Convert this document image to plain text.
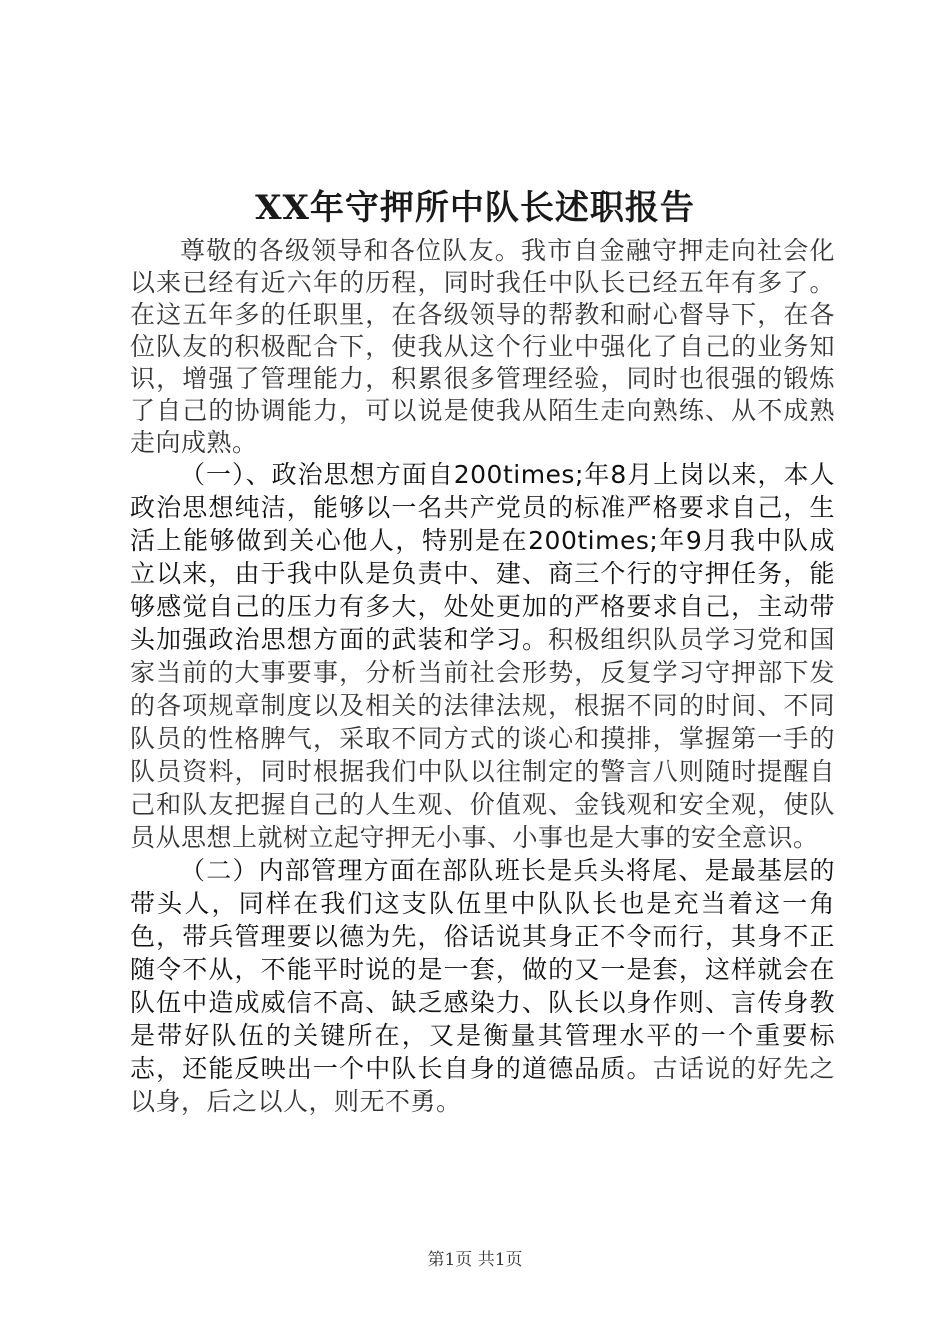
XX年守押所中队长述职报告

尊敬的各级领导和各位队友。我市自金融守押走向社会化以来已经有近六年的历程，同时我任中队长已经五年有多了。在这五年多的任职里，在各级领导的帮教和耐心督导下，在各位队友的积极配合下，使我从这个行业中强化了自己的业务知识，增强了管理能力，积累很多管理经验，同时也很强的锻炼了自己的协调能力，可以说是使我从陌生走向熟练、从不成熟走向成熟。

（一）、政治思想方面自200times;年8月上岗以来，本人政治思想纯洁，能够以一名共产党员的标准严格要求自己，生活上能够做到关心他人，特别是在200times;年9月我中队成立以来，由于我中队是负责中、建、商三个行的守押任务，能够感觉自己的压力有多大，处处更加的严格要求自己，主动带头加强政治思想方面的武装和学习。积极组织队员学习党和国家当前的大事要事，分析当前社会形势，反复学习守押部下发的各项规章制度以及相关的法律法规，根据不同的时间、不同队员的性格脾气，采取不同方式的谈心和摸排，掌握第一手的队员资料，同时根据我们中队以往制定的警言八则随时提醒自己和队友把握自己的人生观、价值观、金钱观和安全观，使队员从思想上就树立起守押无小事、小事也是大事的安全意识。

（二）内部管理方面在部队班长是兵头将尾、是最基层的带头人，同样在我们这支队伍里中队队长也是充当着这一角色，带兵管理要以德为先，俗话说其身正不令而行，其身不正随令不从，不能平时说的是一套，做的又一是套，这样就会在队伍中造成威信不高、缺乏感染力、队长以身作则、言传身教是带好队伍的关键所在，又是衡量其管理水平的一个重要标志，还能反映出一个中队长自身的道德品质。古话说的好先之以身，后之以人，则无不勇。

第1页 共1页
